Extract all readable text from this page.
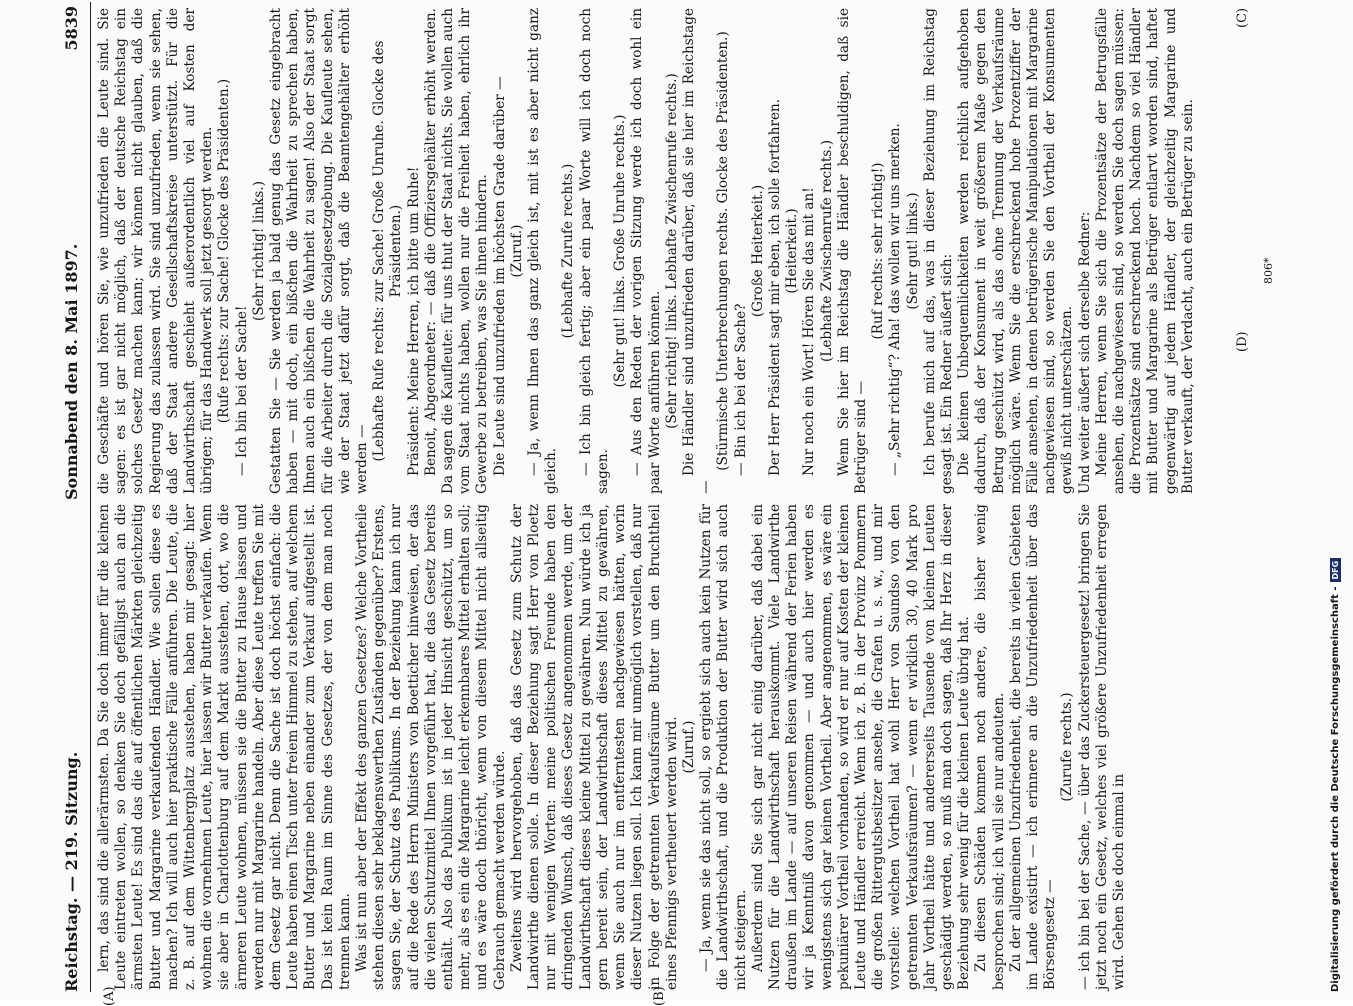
Reichstag. — 219. Sitzung.
Sonnabend den 8. Mai 1897.
5839

lern, das sind die allerärmsten. Da Sie doch immer für die kleinen Leute eintreten wollen, so denken Sie doch gefälligst auch an die ärmsten Leute! Es sind das die auf öffentlichen Märkten gleichzeitig Butter und Margarine verkaufenden Händler. Wie sollen diese es machen? Ich will auch hier praktische Fälle anführen. Die Leute, die z. B. auf dem Wittenbergplatz ausstehen, haben mir gesagt: hier wohnen die vornehmen Leute, hier lassen wir Butter verkaufen. Wenn sie aber in Charlottenburg auf dem Markt ausstehen, dort, wo die ärmeren Leute wohnen, müssen sie die Butter zu Hause lassen und werden nur mit Margarine handeln. Aber diese Leute treffen Sie mit dem Gesetz gar nicht. Denn die Sache ist doch höchst einfach: die Leute haben einen Tisch unter freiem Himmel zu stehen, auf welchem Butter und Margarine neben einander zum Verkauf aufgestellt ist. Das ist kein Raum im Sinne des Gesetzes, der von dem man noch trennen kann. Was ist nun aber der Effekt des ganzen Gesetzes? Welche Vortheile stehen diesen sehr beklagenswerthen Zuständen gegenüber? Erstens, sagen Sie, der Schutz des Publikums. In der Beziehung kann ich nur auf die Rede des Herrn Ministers von Boetticher hinweisen, der das die vielen Schutzmittel Ihnen vorgeführt hat, die das Gesetz bereits enthält. Also das Publikum ist in jeder Hinsicht geschützt, um so mehr, als es ein die Margarine leicht erkennbares Mittel erhalten soll; und es wäre doch thöricht, wenn von diesem Mittel nicht allseitig Gebrauch gemacht werden würde. Zweitens wird hervorgehoben, daß das Gesetz zum Schutz der Landwirthe dienen solle. In dieser Beziehung sagt Herr von Ploetz nur mit wenigen Worten: meine politischen Freunde haben den dringenden Wunsch, daß dieses Gesetz angenommen werde, um der Landwirthschaft dieses kleine Mittel zu gewähren. Nun würde ich ja gern bereit sein, der Landwirthschaft dieses Mittel zu gewähren, wenn Sie auch nur im entferntesten nachgewiesen hätten, worin dieser Nutzen liegen soll. Ich kann mir unmöglich vorstellen, daß nur in Folge der getrennten Verkaufsräume Butter um den Bruchtheil eines Pfennigs vertheuert werden wird. (Zuruf.) — Ja, wenn sie das nicht soll, so ergiebt sich auch kein Nutzen für die Landwirthschaft, und die Produktion der Butter wird sich auch nicht steigern. Außerdem sind Sie sich gar nicht einig darüber, daß dabei ein Nutzen für die Landwirthschaft herauskommt. Viele Landwirthe draußen im Lande — auf unseren Reisen während der Ferien haben wir ja Kenntniß davon genommen — und auch hier werden es wenigstens sich gar keinen Vortheil. Aber angenommen, es wäre ein pekuniärer Vortheil vorhanden, so wird er nur auf Kosten der kleinen Leute und Händler erreicht. Wenn ich z. B. in der Provinz Pommern die großen Rittergutsbesitzer ansehe, die Grafen u. s. w., und mir vorstelle: welchen Vortheil hat wohl Herr von Saundso von den getrennten Verkaufsräumen? — wenn er wirklich 30, 40 Mark pro Jahr Vortheil hätte und andererseits Tausende von kleinen Leuten geschädigt werden, so muß man doch sagen, daß Ihr Herz in dieser Beziehung sehr wenig für die kleinen Leute übrig hat. Zu diesen Schäden kommen noch andere, die bisher wenig besprochen sind; ich will sie nur andeuten. Zu der allgemeinen Unzufriedenheit, die bereits in vielen Gebieten im Lande existirt — ich erinnere an die Unzufriedenheit über das Börsengesetz —

(Zurufe rechts.) — ich bin bei der Sache, — über das Zuckersteuergesetz! bringen Sie jetzt noch ein Gesetz, welches viel größere Unzufriedenheit erregen wird. Gehen Sie doch einmal in

die Geschäfte und hören Sie, wie unzufrieden die Leute sind. Sie sagen: es ist gar nicht möglich, daß der deutsche Reichstag ein solches Gesetz machen kann; wir können nicht glauben, daß die Regierung das zulassen wird. Sie sind unzufrieden, wenn sie sehen, daß der Staat andere Gesellschaftskreise unterstützt. Für die Landwirthschaft geschieht außerordentlich viel auf Kosten der übrigen; für das Handwerk soll jetzt gesorgt werden. (Rufe rechts: zur Sache! Glocke des Präsidenten.) — Ich bin bei der Sache!

(Sehr richtig! links.) Gestatten Sie — Sie werden ja bald genug das Gesetz eingebracht haben — mit doch, ein bißchen die Wahrheit zu sprechen haben, Ihnen auch ein bißchen die Wahrheit zu sagen! Also der Staat sorgt für die Arbeiter durch die Sozialgesetzgebung. Die Kaufleute sehen, wie der Staat jetzt dafür sorgt, daß die Beamtengehälter erhöht werden — (Lebhafte Rufe rechts: zur Sache! Große Unruhe. Glocke des Präsidenten.) Präsident: Meine Herren, ich bitte um Ruhe! Benoit, Abgeordneter: — daß die Offiziersgehälter erhöht werden. Da sagen die Kaufleute: für uns thut der Staat nichts. Sie wollen auch vom Staat nichts haben, wollen nur die Freiheit haben, ehrlich ihr Gewerbe zu betreiben, was Sie ihnen hindern. Die Leute sind unzufrieden im höchsten Grade darüber — (Zuruf.) — Ja, wenn Ihnen das ganz gleich ist, mit ist es aber nicht ganz gleich.

(Lebhafte Zurufe rechts.) — Ich bin gleich fertig; aber ein paar Worte will ich doch noch sagen.

(Sehr gut! links. Große Unruhe rechts.) — Aus den Reden der vorigen Sitzung werde ich doch wohl ein paar Worte anführen können. (Sehr richtig! links. Lebhafte Zwischenrufe rechts.) Die Händler sind unzufrieden darüber, daß sie hier im Reichstage —

(Stürmische Unterbrechungen rechts. Glocke des Präsidenten.) — Bin ich bei der Sache?

(Große Heiterkeit.) Der Herr Präsident sagt mir eben, ich solle fortfahren. (Heiterkeit.) Nur noch ein Wort! Hören Sie das mit an! (Lebhafte Zwischenrufe rechts.) Wenn Sie hier im Reichstag die Händler beschuldigen, daß sie Betrüger sind —

(Ruf rechts: sehr richtig!) — „Sehr richtig“? Aha! das wollen wir uns merken. (Sehr gut! links.) Ich berufe mich auf das, was in dieser Beziehung im Reichstag gesagt ist. Ein Redner äußert sich: Die kleinen Unbequemlichkeiten werden reichlich aufgehoben dadurch, daß der Konsument in weit größerem Maße gegen den Betrug geschützt wird, als das ohne Trennung der Verkaufsräume möglich wäre. Wenn Sie die erschreckend hohe Prozentziffer der Fälle ansehen, in denen betrügerische Manipulationen mit Margarine nachgewiesen sind, so werden Sie den Vortheil der Konsumenten gewiß nicht unterschätzen. Und weiter äußert sich derselbe Redner: Meine Herren, wenn Sie sich die Prozentsätze der Betrugsfälle ansehen, die nachgewiesen sind, so werden Sie doch sagen müssen: die Prozentsätze sind erschreckend hoch. Nachdem so viel Händler mit Butter und Margarine als Betrüger entlarvt worden sind, haftet gegenwärtig auf jedem Händler, der gleichzeitig Margarine und Butter verkauft, der Verdacht, auch ein Betrüger zu sein.

(A)	(B)
(C)
(D)
806*
Digitalisierung gefördert durch die Deutsche Forschungsgemeinschaft -DFG
